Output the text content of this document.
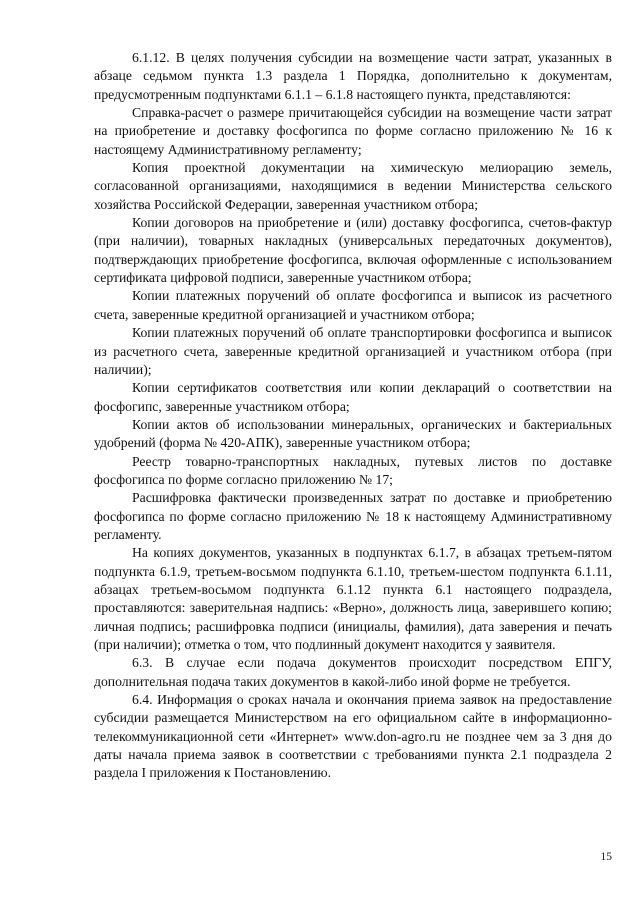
6.1.12. В целях получения субсидии на возмещение части затрат, указанных в абзаце седьмом пункта 1.3 раздела 1 Порядка, дополнительно к документам, предусмотренным подпунктами 6.1.1 – 6.1.8 настоящего пункта, представляются:

Справка-расчет о размере причитающейся субсидии на возмещение части затрат на приобретение и доставку фосфогипса по форме согласно приложению № 16 к настоящему Административному регламенту;

Копия проектной документации на химическую мелиорацию земель, согласованной организациями, находящимися в ведении Министерства сельского хозяйства Российской Федерации, заверенная участником отбора;

Копии договоров на приобретение и (или) доставку фосфогипса, счетов-фактур (при наличии), товарных накладных (универсальных передаточных документов), подтверждающих приобретение фосфогипса, включая оформленные с использованием сертификата цифровой подписи, заверенные участником отбора;

Копии платежных поручений об оплате фосфогипса и выписок из расчетного счета, заверенные кредитной организацией и участником отбора;

Копии платежных поручений об оплате транспортировки фосфогипса и выписок из расчетного счета, заверенные кредитной организацией и участником отбора (при наличии);

Копии сертификатов соответствия или копии деклараций о соответствии на фосфогипс, заверенные участником отбора;

Копии актов об использовании минеральных, органических и бактериальных удобрений (форма № 420-АПК), заверенные участником отбора;

Реестр товарно-транспортных накладных, путевых листов по доставке фосфогипса по форме согласно приложению № 17;

Расшифровка фактически произведенных затрат по доставке и приобретению фосфогипса по форме согласно приложению № 18 к настоящему Административному регламенту.

На копиях документов, указанных в подпунктах 6.1.7, в абзацах третьем-пятом подпункта 6.1.9, третьем-восьмом подпункта 6.1.10, третьем-шестом подпункта 6.1.11, абзацах третьем-восьмом подпункта 6.1.12 пункта 6.1 настоящего подраздела, проставляются: заверительная надпись: «Верно», должность лица, заверившего копию; личная подпись; расшифровка подписи (инициалы, фамилия), дата заверения и печать (при наличии); отметка о том, что подлинный документ находится у заявителя.

6.3. В случае если подача документов происходит посредством ЕПГУ, дополнительная подача таких документов в какой-либо иной форме не требуется.

6.4. Информация о сроках начала и окончания приема заявок на предоставление субсидии размещается Министерством на его официальном сайте в информационно-телекоммуникационной сети «Интернет» www.don-agro.ru не позднее чем за 3 дня до даты начала приема заявок в соответствии с требованиями пункта 2.1 подраздела 2 раздела I приложения к Постановлению.

15
